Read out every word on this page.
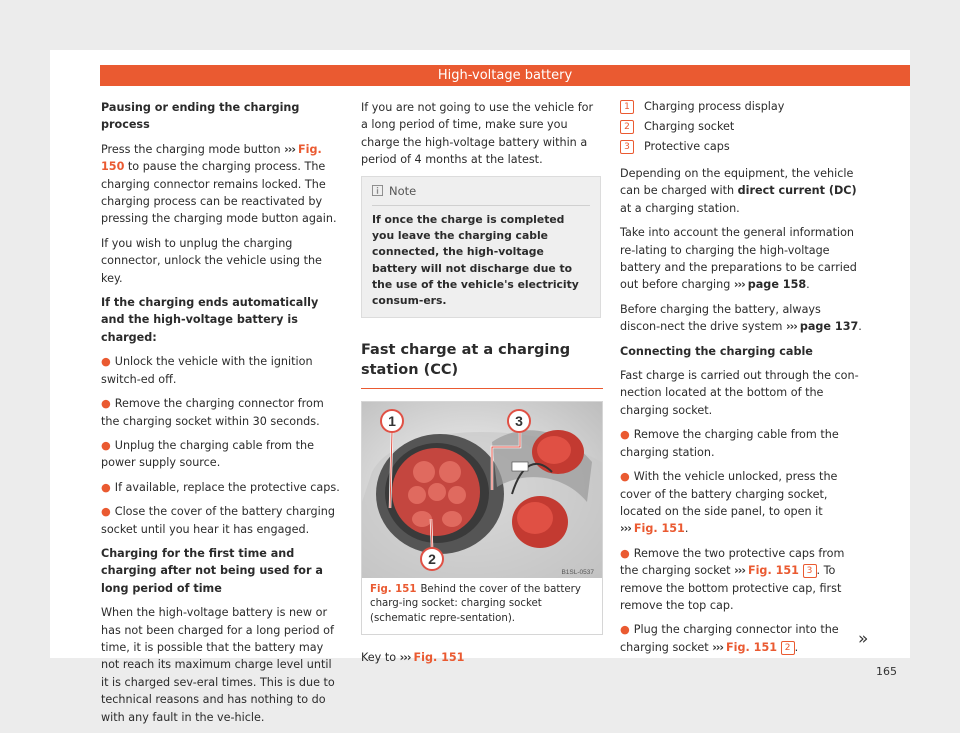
High-voltage battery

Pausing or ending the charging process

Press the charging mode button ››› Fig. 150 to pause the charging process. The charging connector remains locked. The charging process can be reactivated by pressing the charging mode button again.

If you wish to unplug the charging connector, unlock the vehicle using the key.

If the charging ends automatically and the high-voltage battery is charged:

● Unlock the vehicle with the ignition switch-ed off.

● Remove the charging connector from the charging socket within 30 seconds.

● Unplug the charging cable from the power supply source.

● If available, replace the protective caps.

● Close the cover of the battery charging socket until you hear it has engaged.

Charging for the first time and charging after not being used for a long period of time

When the high-voltage battery is new or has not been charged for a long period of time, it is possible that the battery may not reach its maximum charge level until it is charged sev-eral times. This is due to technical reasons and has nothing to do with any fault in the ve-hicle.

If you are not going to use the vehicle for a long period of time, make sure you charge the high-voltage battery within a period of 4 months at the latest.

Note
If once the charge is completed you leave the charging cable connected, the high-voltage battery will not discharge due to the use of the vehicle's electricity consum-ers.
Fast charge at a charging station (CC)
1	3
2
B1SL-0537
Fig. 151 Behind the cover of the battery charg-ing socket: charging socket (schematic repre-sentation).

Key to ››› Fig. 151

1	Charging process display
2	Charging socket
3	Protective caps

Depending on the equipment, the vehicle can be charged with direct current (DC) at a charging station.

Take into account the general information re-lating to charging the high-voltage battery and the preparations to be carried out before charging ››› page 158.

Before charging the battery, always discon-nect the drive system ››› page 137.

Connecting the charging cable

Fast charge is carried out through the con-nection located at the bottom of the charging socket.

● Remove the charging cable from the charging station.

● With the vehicle unlocked, press the cover of the battery charging socket, located on the side panel, to open it ››› Fig. 151.

● Remove the two protective caps from the charging socket ››› Fig. 151 3 . To remove the bottom protective cap, first remove the top cap.

● Plug the charging connector into the charging socket ››› Fig. 151 2 .	»
165
